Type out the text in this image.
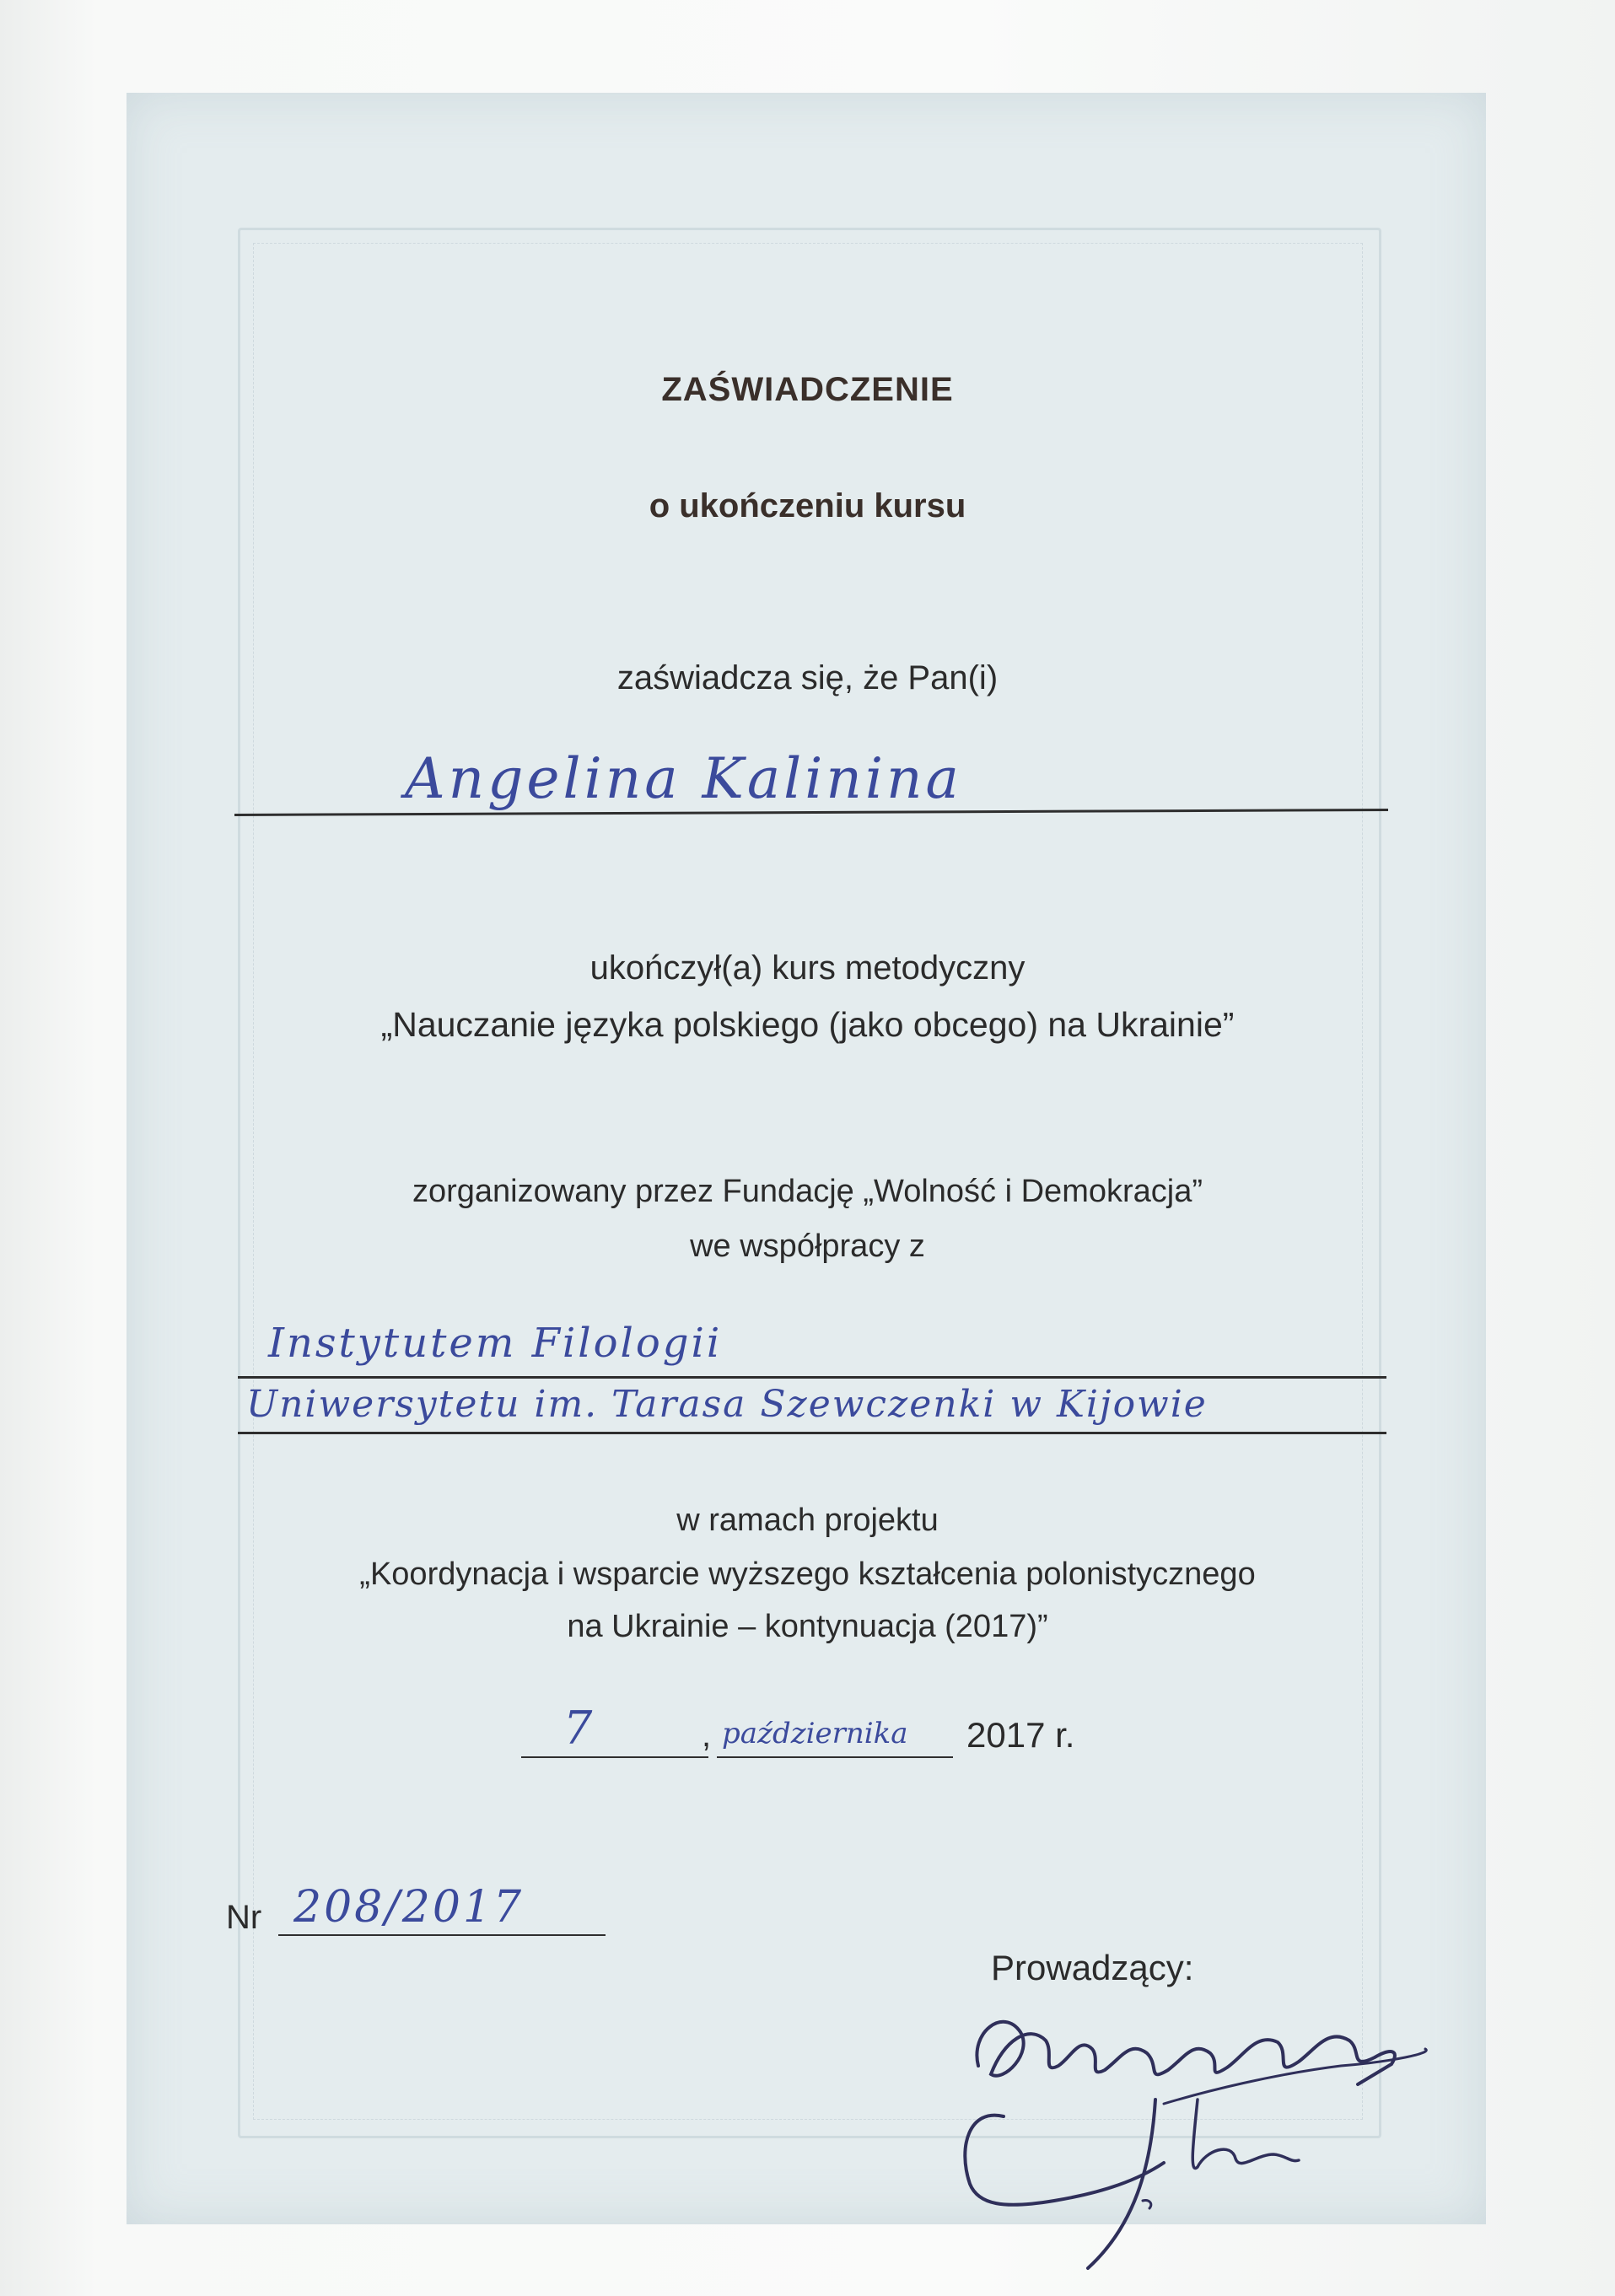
ZAŚWIADCZENIE
o ukończeniu kursu
zaświadcza się, że Pan(i)
Angelina Kalinina
ukończył(a) kurs metodyczny
„Nauczanie języka polskiego (jako obcego) na Ukrainie”
zorganizowany przez Fundację „Wolność i Demokracja”
we współpracy z
Instytutem Filologii
Uniwersytetu im. Tarasa Szewczenki w Kijowie
w ramach projektu
„Koordynacja i wsparcie wyższego kształcenia polonistycznego
na Ukrainie – kontynuacja (2017)”
7	, października 2017 r.
Nr 208/2017
Prowadzący:
